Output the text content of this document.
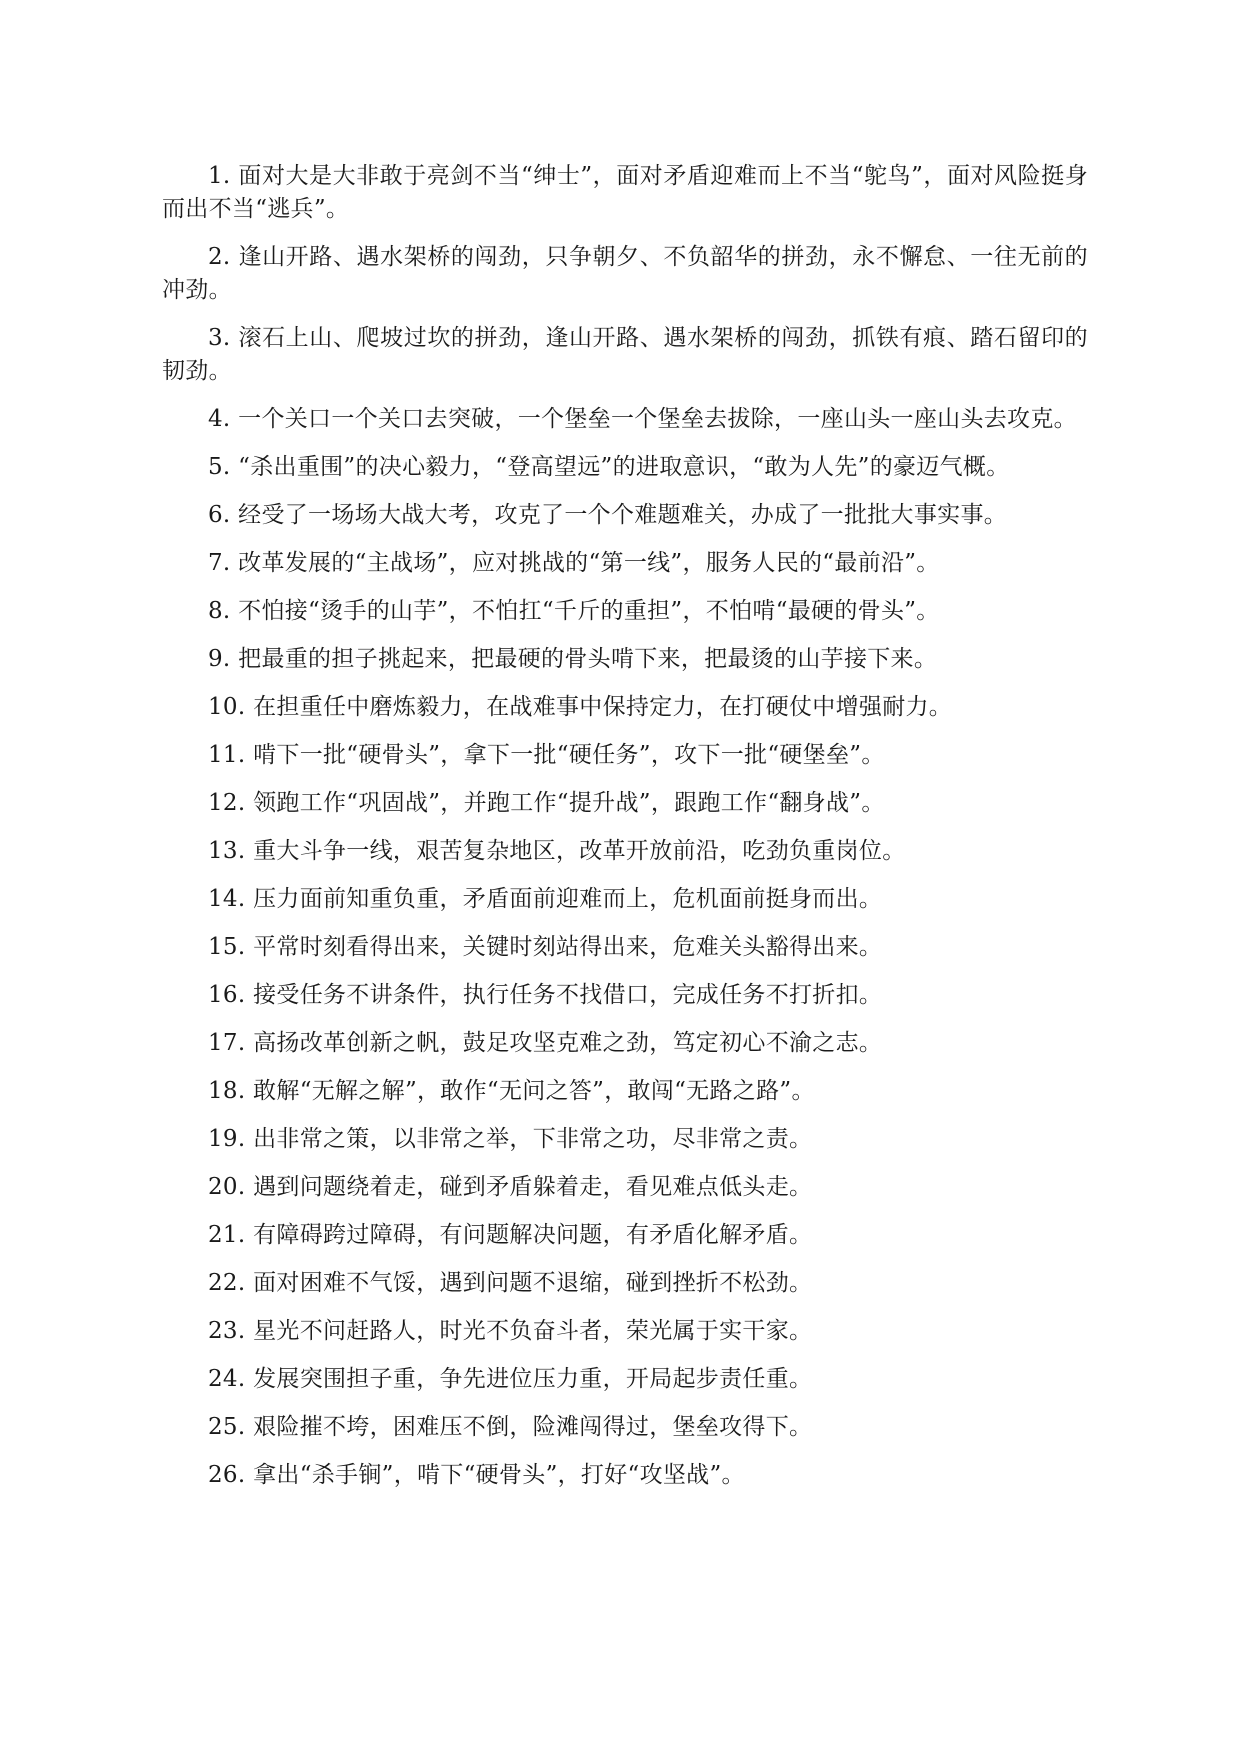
1. 面对大是大非敢于亮剑不当“绅士”，面对矛盾迎难而上不当“鸵鸟”，面对风险挺身而出不当“逃兵”。
2. 逢山开路、遇水架桥的闯劲，只争朝夕、不负韶华的拼劲，永不懈怠、一往无前的冲劲。
3. 滚石上山、爬坡过坎的拼劲，逢山开路、遇水架桥的闯劲，抓铁有痕、踏石留印的韧劲。
4. 一个关口一个关口去突破，一个堡垒一个堡垒去拔除，一座山头一座山头去攻克。
5. “杀出重围”的决心毅力，“登高望远”的进取意识，“敢为人先”的豪迈气概。
6. 经受了一场场大战大考，攻克了一个个难题难关，办成了一批批大事实事。
7. 改革发展的“主战场”，应对挑战的“第一线”，服务人民的“最前沿”。
8. 不怕接“烫手的山芋”，不怕扛“千斤的重担”，不怕啃“最硬的骨头”。
9. 把最重的担子挑起来，把最硬的骨头啃下来，把最烫的山芋接下来。
10. 在担重任中磨炼毅力，在战难事中保持定力，在打硬仗中增强耐力。
11. 啃下一批“硬骨头”，拿下一批“硬任务”，攻下一批“硬堡垒”。
12. 领跑工作“巩固战”，并跑工作“提升战”，跟跑工作“翻身战”。
13. 重大斗争一线，艰苦复杂地区，改革开放前沿，吃劲负重岗位。
14. 压力面前知重负重，矛盾面前迎难而上，危机面前挺身而出。
15. 平常时刻看得出来，关键时刻站得出来，危难关头豁得出来。
16. 接受任务不讲条件，执行任务不找借口，完成任务不打折扣。
17. 高扬改革创新之帆，鼓足攻坚克难之劲，笃定初心不渝之志。
18. 敢解“无解之解”，敢作“无问之答”，敢闯“无路之路”。
19. 出非常之策，以非常之举，下非常之功，尽非常之责。
20. 遇到问题绕着走，碰到矛盾躲着走，看见难点低头走。
21. 有障碍跨过障碍，有问题解决问题，有矛盾化解矛盾。
22. 面对困难不气馁，遇到问题不退缩，碰到挫折不松劲。
23. 星光不问赶路人，时光不负奋斗者，荣光属于实干家。
24. 发展突围担子重，争先进位压力重，开局起步责任重。
25. 艰险摧不垮，困难压不倒，险滩闯得过，堡垒攻得下。
26. 拿出“杀手锏”，啃下“硬骨头”，打好“攻坚战”。
